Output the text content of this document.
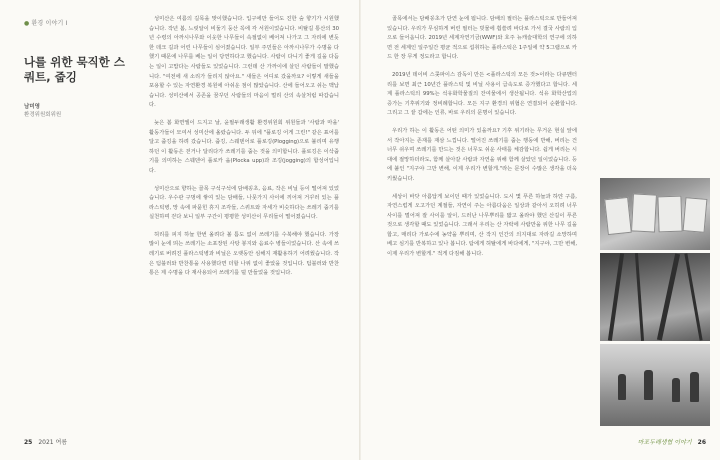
● 환경 이야기 I
나를 위한 묵직한 스쿼트, 줍깅
남미영
환경위원회위원

성미산은 여름의 길목을 맞이했습니다. 입구에만 들어도 진한 숲 향기가 시원했습니다. 작년 봄, 느릿알이 비둘기 둥산 꼭에 각 서원이었습니다. 비탈길 통산의 30년 수령의 아까시나무와 이웃한 나무들이 속절없이 베어져 나가고 그 자리에 변듯한 데크 길과 어린 나무들이 심어졌습니다. 일부 주민들은 아까시나무가 수명을 다했기 때문에 나무를 베는 일이 당연하다고 했습니다. 사람이 다니기 좋게 길을 다듬는 일이 고맙다는 사람들도 있었습니다. 그런데 산 가까이에 살던 사람들이 말했습니다. "여전에 새 소리가 들리지 않아요." 새들은 어디로 갔을까요? 이렇게 새들을 포용할 수 있는 자연환경 복원에 아쉬운 점이 많았습니다. 산에 들어오고 쉬는 맥납습니다. 성미산에서 공존을 꿈꾸던 사람들의 마음이 멀리 산의 속살처럼 따갑습니다.

늦은 봄 화면엘이 드지고 날, 윤필두래생활 환경위원회 위원들과 '사람과 마을' 활동가들이 모여서 성미산에 올랐습니다. 두 뒤에 "플로깅 어게 그린!" 같은 표어를 달고 줍깅을 하려 갔습니다. 줍깅, 스웨덴어로 플로깅(Plogging)으로 불리며 유행하던 이 활동은 걷거나 달리다가 쓰레기를 줍는 것을 의미합니다. 플로깅은 이삭줍기를 의미하는 스웨덴어 플로카 웁(Plocka upp)과 조깅(jogging)의 합성어입니다.

성미산으로 향하는 골목 구석구석에 담배꽁초, 음료, 작은 비닐 등이 떨어져 있었습니다. 우수관 구멍에 쌓여 있는 담배들, 나뭇가지 사이에 끼어져 거꾸러 있는 플라스틱병, 망 속에 파묻힌 휴지 조각들, 스퀴트와 자세가 비슷하다는 쓰레기 줍기를 실천하며 걷다 보니 일부 구간이 평평한 성미산이 무리들이 떨어졌습니다.

허리를 피지 하늘 한번 올려다 볼 틈도 없이 쓰레기를 수북해야 했습니다. 가장 많이 눈에 띄는 쓰레기는 소포장된 사탕 봉지와 음료수 병들이었습니다. 산 속에 쓰레기로 버려진 플라스틱병과 비닐은 오랫동안 심해지 재활용하기 어려웠습니다. 작은 텀블러와 반찬통을 사용했다면 더할 나위 없이 좋았을 것입니다. 텀블러와 반찬통은 제 수명을 다 재사용되어 쓰레기를 덜 만들었을 것입니다.

25 2021 여름

골목에서는 담배꽁초가 단연 눈에 띕니다. 담배의 필터는 플라스틱으로 만들어져 있습니다. 우리가 무심하게 버린 필터는 빗물에 휩쓸려 바다로 가서 결국 사람의 입으로 들어옵니다. 2019년 세계자연기금(WWF)와 호주 뉴캐슬대학의 연구에 의하면 전 세계인 일주일간 평균 적으로 섭취하는 플라스틱은 1주일에 약 5그램으로 카드 한 장 무게 정도라고 합니다.

2019년 데이비 스콧파이스 감독이 만든 <플라스틱의 모든 것>이라는 다큐멘터리를 보면 최근 10년간 플라스틱 및 비닐 사용이 급속도로 증가했다고 합니다. 세계 플라스틱의 99%는 석유화학물질의 잔여물에서 생산됩니다. 석유 화학산업의 증가는 기후위기와 정비례합니다. 모든 지구 환경의 위협은 연결되어 순환합니다. 그리고 그 끝 갑에는 인류, 바로 우리의 문명이 있습니다.

우리가 하는 이 활동은 어떤 의미가 있을까요? 기후 위기라는 무거운 현실 앞에서 작아지는 존재를 재삼 느낍니다. 떨어진 쓰레기를 줍는 행동에 반해, 버리는 건 너무 쉬우며 쓰레기를 만드는 것은 너무도 쉬운 사태를 체감합니다. 쉽게 버리는 시대에 절망하더라도, 함께 살아갈 사람과 자연을 위해 함께 살았던 일이었습니다. 등에 붙인 "지구야 그만 변해, 이제 우리가 변할게."라는 문장이 수많은 생각을 더욱 키웠습니다.

세상이 바닷 아름답게 보이던 때가 있었습니다. 도시 몇 푸른 하늘과 하얀 구름, 자연스럽게 오고가던 계절들, 자연이 주는 아름다움은 일상과 같아서 오히려 너무 사이를 멀어져 잘 사이를 알이, 드러난 나무뿌리를 밟고 올라야 했던 산길이 푸른 것으로 생각할 때도 있었습니다. 그래서 우리는 산 자락에 사람만을 위한 나무 길을 합고, 매리다 가로수에 농약을 뿌리며, 산 작지 인간의 의지대로 자라길 소망하며 베고 심기를 반복하고 있나 봅니다. 탐에게 허탈에게 바다에게, "지구야, 그만 변해, 이제 우리가 변할게." 적게 다짐해 봅니다.

마포두레생협 이야기 26
